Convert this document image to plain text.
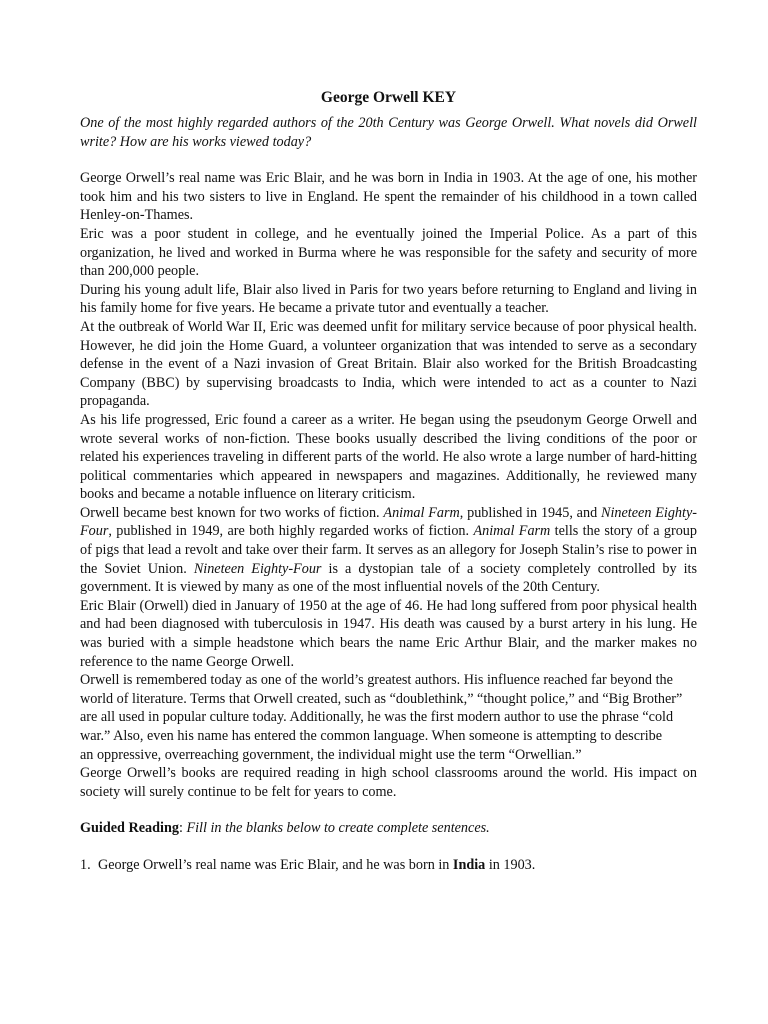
George Orwell KEY

One of the most highly regarded authors of the 20th Century was George Orwell. What novels did Orwell write? How are his works viewed today?

George Orwell’s real name was Eric Blair, and he was born in India in 1903. At the age of one, his mother took him and his two sisters to live in England. He spent the remainder of his childhood in a town called Henley-on-Thames.

Eric was a poor student in college, and he eventually joined the Imperial Police. As a part of this organization, he lived and worked in Burma where he was responsible for the safety and security of more than 200,000 people.

During his young adult life, Blair also lived in Paris for two years before returning to England and living in his family home for five years. He became a private tutor and eventually a teacher.

At the outbreak of World War II, Eric was deemed unfit for military service because of poor physical health. However, he did join the Home Guard, a volunteer organization that was intended to serve as a secondary defense in the event of a Nazi invasion of Great Britain. Blair also worked for the British Broadcasting Company (BBC) by supervising broadcasts to India, which were intended to act as a counter to Nazi propaganda.

As his life progressed, Eric found a career as a writer. He began using the pseudonym George Orwell and wrote several works of non-fiction. These books usually described the living conditions of the poor or related his experiences traveling in different parts of the world. He also wrote a large number of hard-hitting political commentaries which appeared in newspapers and magazines. Additionally, he reviewed many books and became a notable influence on literary criticism.

Orwell became best known for two works of fiction. Animal Farm, published in 1945, and Nineteen Eighty-Four, published in 1949, are both highly regarded works of fiction. Animal Farm tells the story of a group of pigs that lead a revolt and take over their farm. It serves as an allegory for Joseph Stalin’s rise to power in the Soviet Union. Nineteen Eighty-Four is a dystopian tale of a society completely controlled by its government. It is viewed by many as one of the most influential novels of the 20th Century.

Eric Blair (Orwell) died in January of 1950 at the age of 46. He had long suffered from poor physical health and had been diagnosed with tuberculosis in 1947. His death was caused by a burst artery in his lung. He was buried with a simple headstone which bears the name Eric Arthur Blair, and the marker makes no reference to the name George Orwell.

Orwell is remembered today as one of the world’s greatest authors. His influence reached far beyond the world of literature. Terms that Orwell created, such as “doublethink,” “thought police,” and “Big Brother” are all used in popular culture today. Additionally, he was the first modern author to use the phrase “cold war.” Also, even his name has entered the common language. When someone is attempting to describe

an oppressive, overreaching government, the individual might use the term “Orwellian.”

George Orwell’s books are required reading in high school classrooms around the world. His impact on society will surely continue to be felt for years to come.

Guided Reading: Fill in the blanks below to create complete sentences.

1. George Orwell’s real name was Eric Blair, and he was born in India in 1903.
